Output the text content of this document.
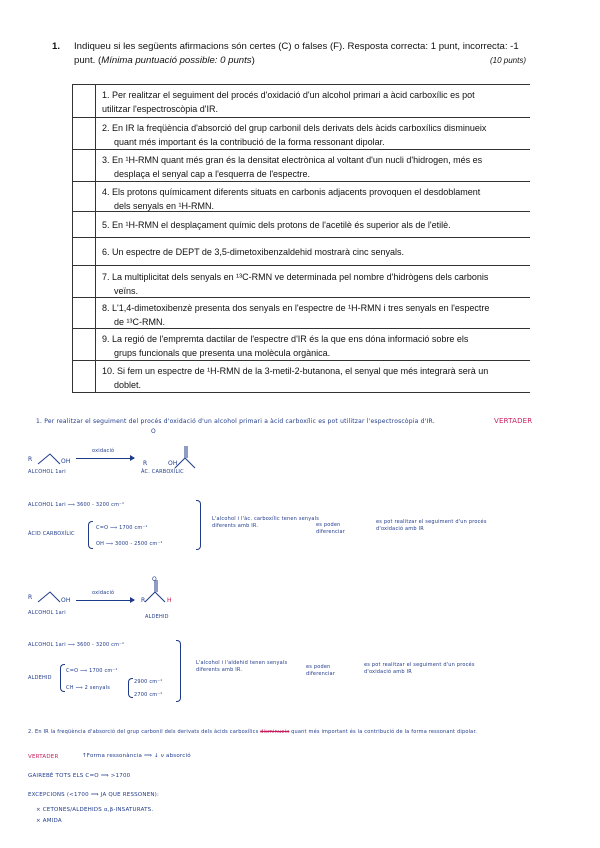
1. Indiqueu si les següents afirmacions són certes (C) o falses (F). Resposta correcta: 1 punt, incorrecta: -1
punt. (Mínima puntuació possible: 0 punts)	(10 punts)
1. Per realitzar el seguiment del procés d'oxidació d'un alcohol primari a àcid carboxílic es pot
utilitzar l'espectroscòpia d'IR.
2. En IR la freqüència d'absorció del grup carbonil dels derivats dels àcids carboxílics disminueix
quant més important és la contribució de la forma ressonant dipolar.
3. En ¹H-RMN quant més gran és la densitat electrònica al voltant d'un nucli d'hidrogen, més es
desplaça el senyal cap a l'esquerra de l'espectre.
4. Els protons químicament diferents situats en carbonis adjacents provoquen el desdoblament
dels senyals en ¹H-RMN.
5. En ¹H-RMN el desplaçament químic dels protons de l'acetilè és superior als de l'etilè.
6. Un espectre de DEPT de 3,5-dimetoxibenzaldehid mostrarà cinc senyals.
7. La multiplicitat dels senyals en ¹³C-RMN ve determinada pel nombre d'hidrògens dels carbonis
veïns.
8. L'1,4-dimetoxibenzè presenta dos senyals en l'espectre de ¹H-RMN i tres senyals en l'espectre
de ¹³C-RMN.
9. La regió de l'empremta dactilar de l'espectre d'IR és la que ens dóna informació sobre els
grups funcionals que presenta una molècula orgànica.
10. Si fem un espectre de ¹H-RMN de la 3-metil-2-butanona, el senyal que més integrarà serà un
doblet.
1. Per realitzar el seguiment del procés d'oxidació d'un alcohol primari a àcid carboxílic es pot utilitzar l'espectroscòpia d'IR.	VERTADER
R	OH
O
R	OH
oxidació
ALCOHOL 1ari	ÀC. CARBOXÍLIC
ALCOHOL 1ari ⟹ 3600 - 3200 cm⁻¹
ÀCID CARBOXÍLIC
C=O ⟹ 1700 cm⁻¹
OH ⟹ 3000 - 2500 cm⁻¹
L'alcohol i l'àc. carboxílic tenen senyals diferents amb IR.	es poden diferenciar
es pot realitzar el seguiment d'un procés d'oxidació amb IR
R	OH
O
R	H
oxidació
ALCOHOL 1ari
ALDEHID
ALCOHOL 1ari ⟹ 3600 - 3200 cm⁻¹
ALDEHID
C=O ⟹ 1700 cm⁻¹
CH ⟹ 2 senyals
2900 cm⁻¹
2700 cm⁻¹
L'alcohol i l'aldehid tenen senyals diferents amb IR.	es poden diferenciar
es pot realitzar el seguiment d'un procés d'oxidació amb IR
2. En IR la freqüència d'absorció del grup carbonil dels derivats dels àcids carboxílics disminueix quant més important és la contribució de la forma ressonant dipolar.
VERTADER	↑Forma ressonància ⟹ ↓ ν absorció
GAIREBÉ TOTS ELS C=O ⟹ >1700
EXCEPCIONS (<1700 ⟹ JA QUE RESSONEN):
× CETONES/ALDEHIDS α,β-INSATURATS.
× AMIDA
